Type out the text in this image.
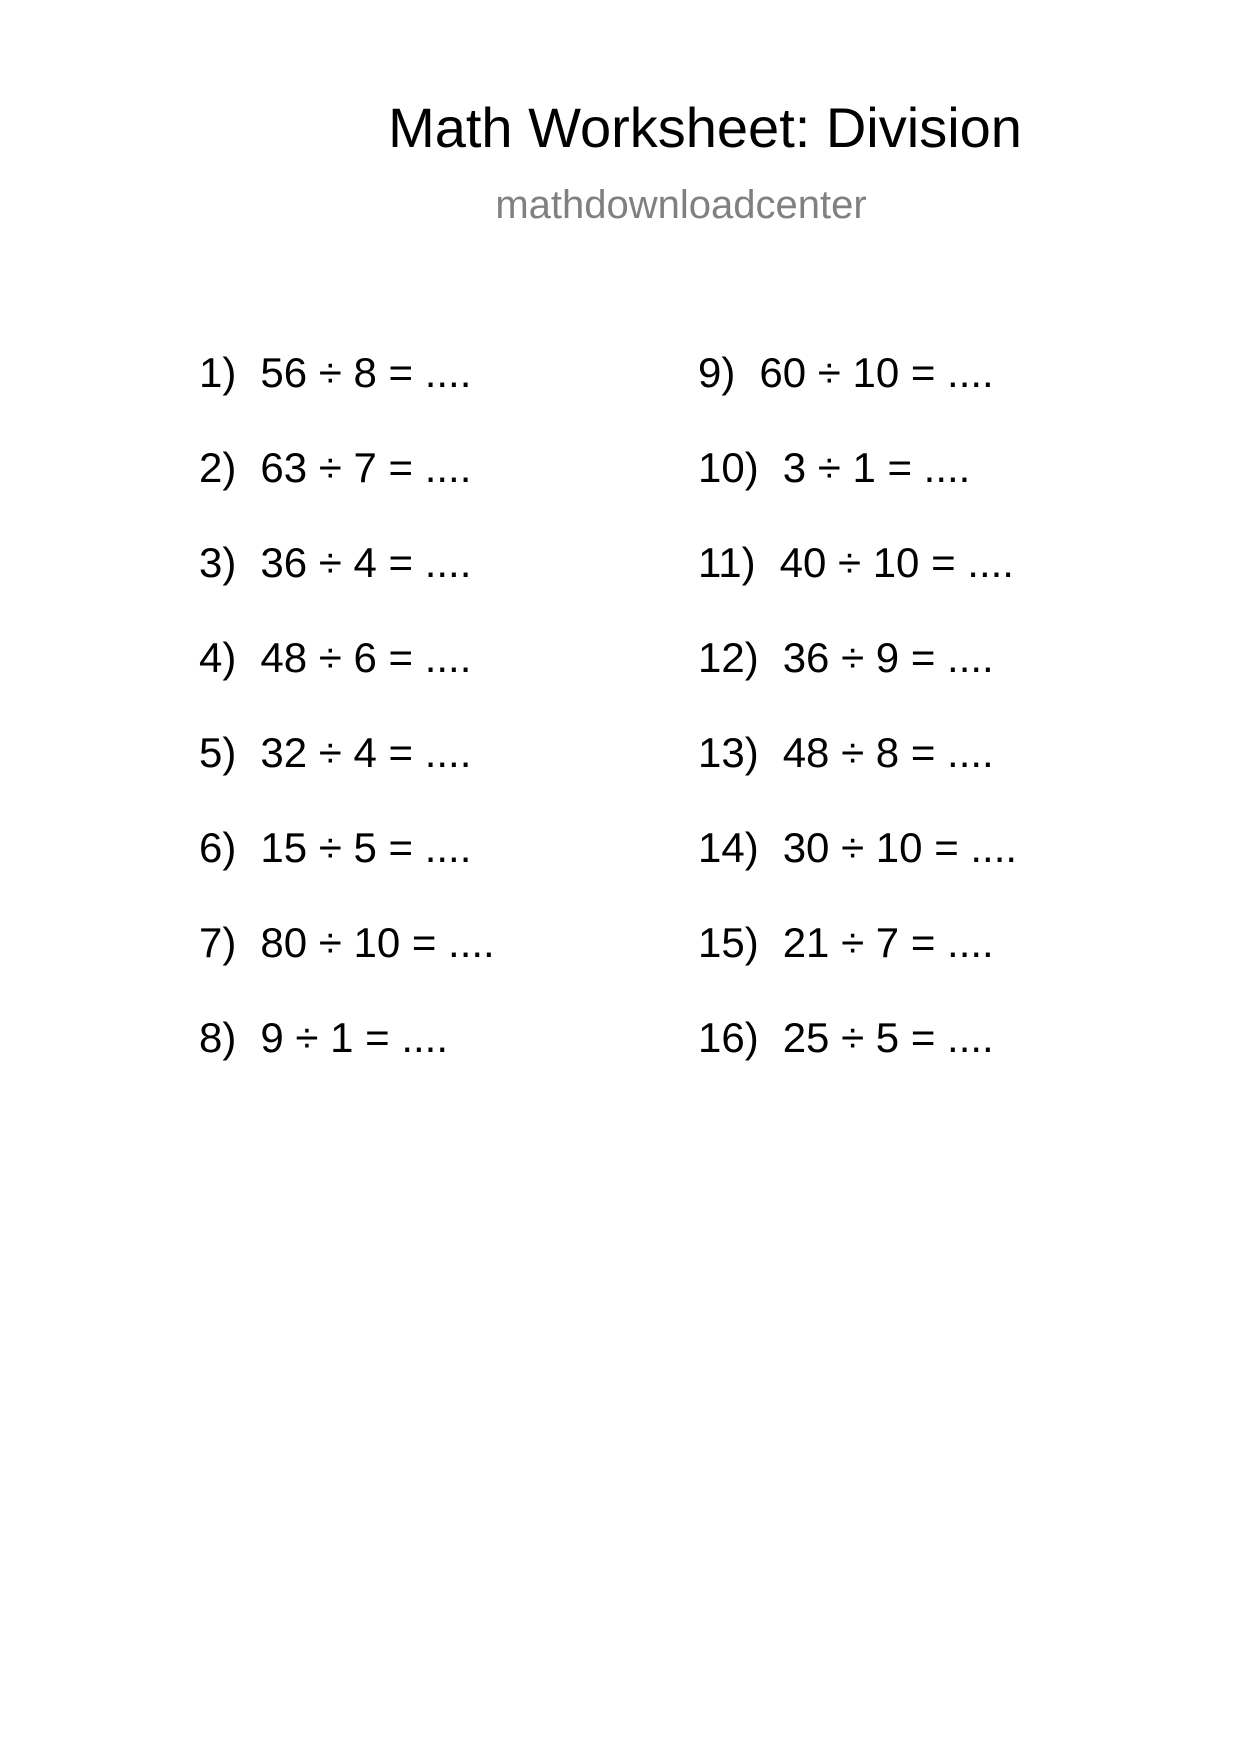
Math Worksheet: Division
mathdownloadcenter
1) 56 ÷ 8 = ....
2) 63 ÷ 7 = ....
3) 36 ÷ 4 = ....
4) 48 ÷ 6 = ....
5) 32 ÷ 4 = ....
6) 15 ÷ 5 = ....
7) 80 ÷ 10 = ....
8) 9 ÷ 1 = ....
9) 60 ÷ 10 = ....
10) 3 ÷ 1 = ....
11) 40 ÷ 10 = ....
12) 36 ÷ 9 = ....
13) 48 ÷ 8 = ....
14) 30 ÷ 10 = ....
15) 21 ÷ 7 = ....
16) 25 ÷ 5 = ....
